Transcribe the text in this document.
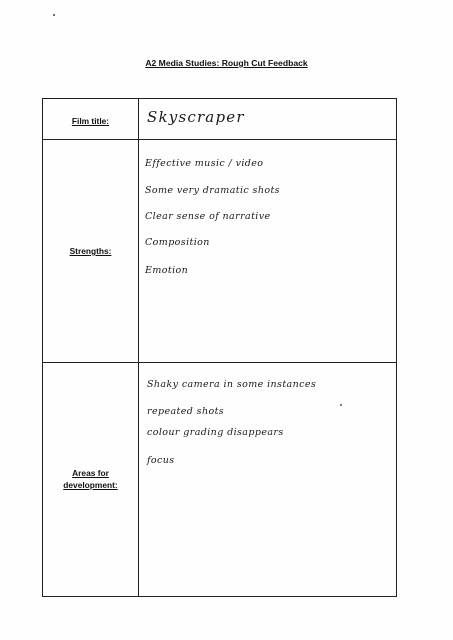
A2 Media Studies: Rough Cut Feedback
Film title:	Skyscraper
Strengths:
Effective music / video
Some very dramatic shots
Clear sense of narrative
Composition
Emotion
Areas for
development:
Shaky camera in some instances
repeated shots
colour grading disappears
focus
